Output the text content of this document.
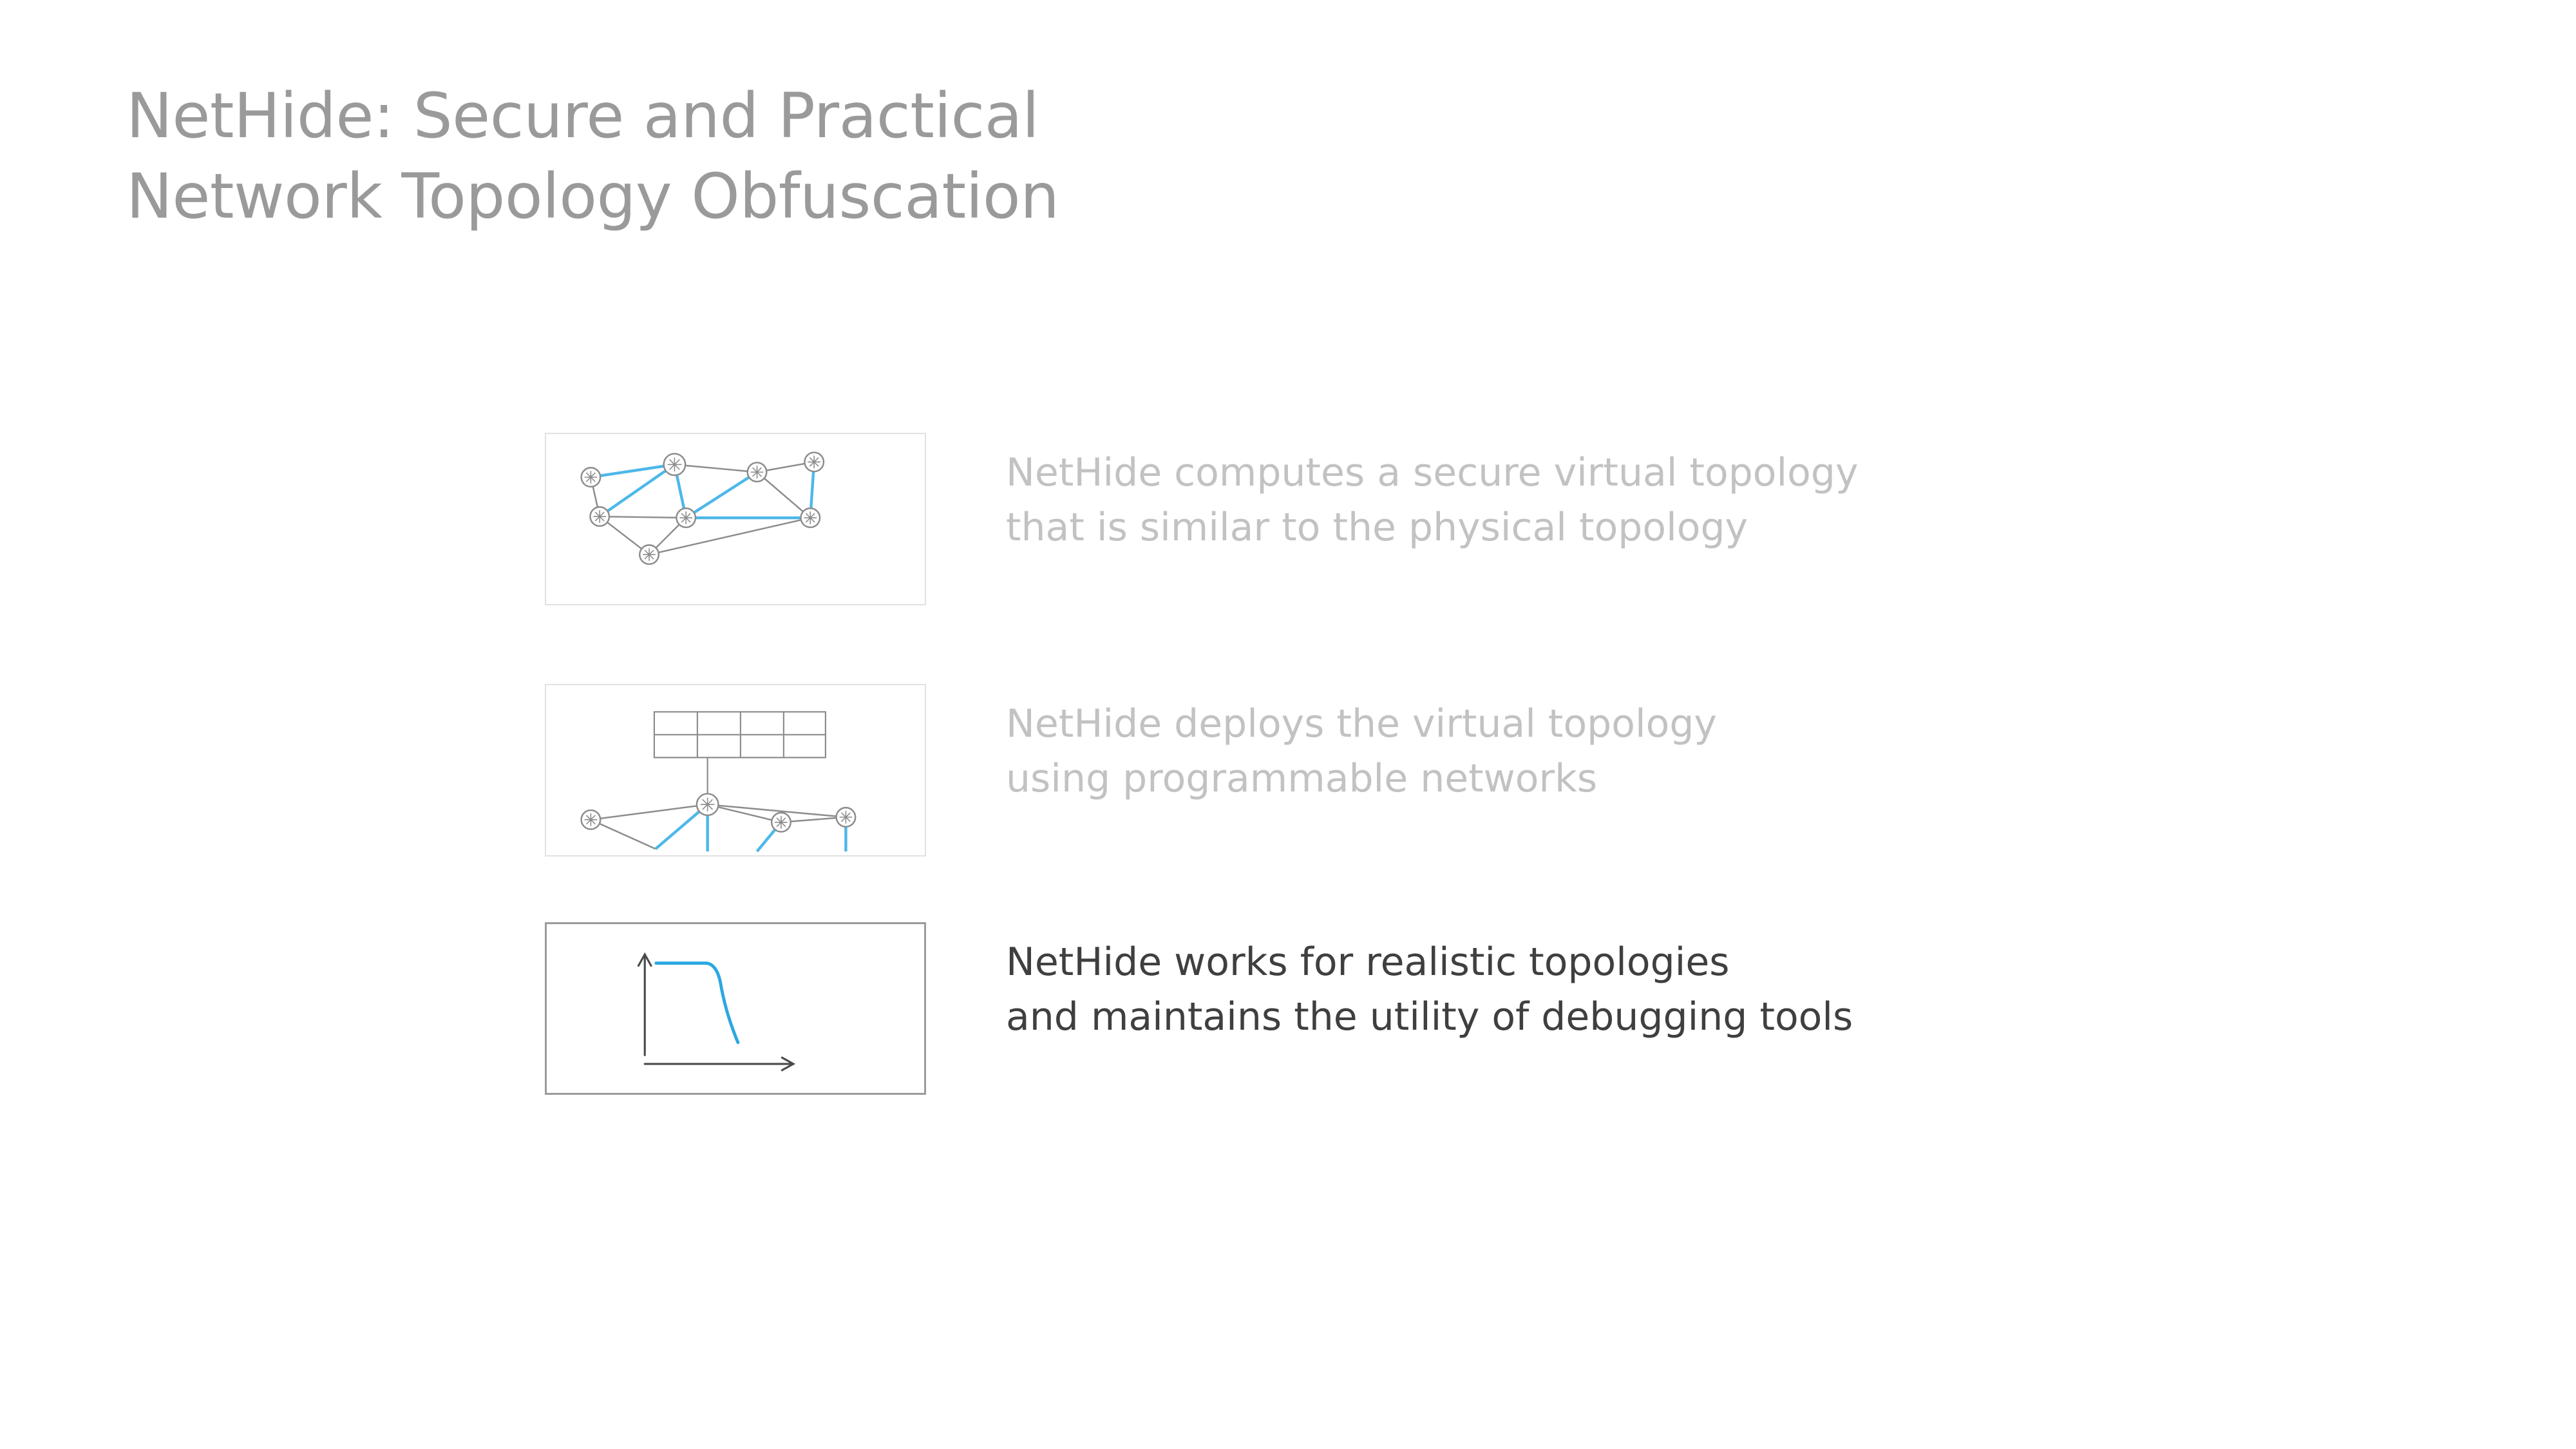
NetHide: Secure and Practical
Network Topology Obfuscation
NetHide computes a secure virtual topology
that is similar to the physical topology
NetHide deploys the virtual topology
using programmable networks
NetHide works for realistic topologies
and maintains the utility of debugging tools
